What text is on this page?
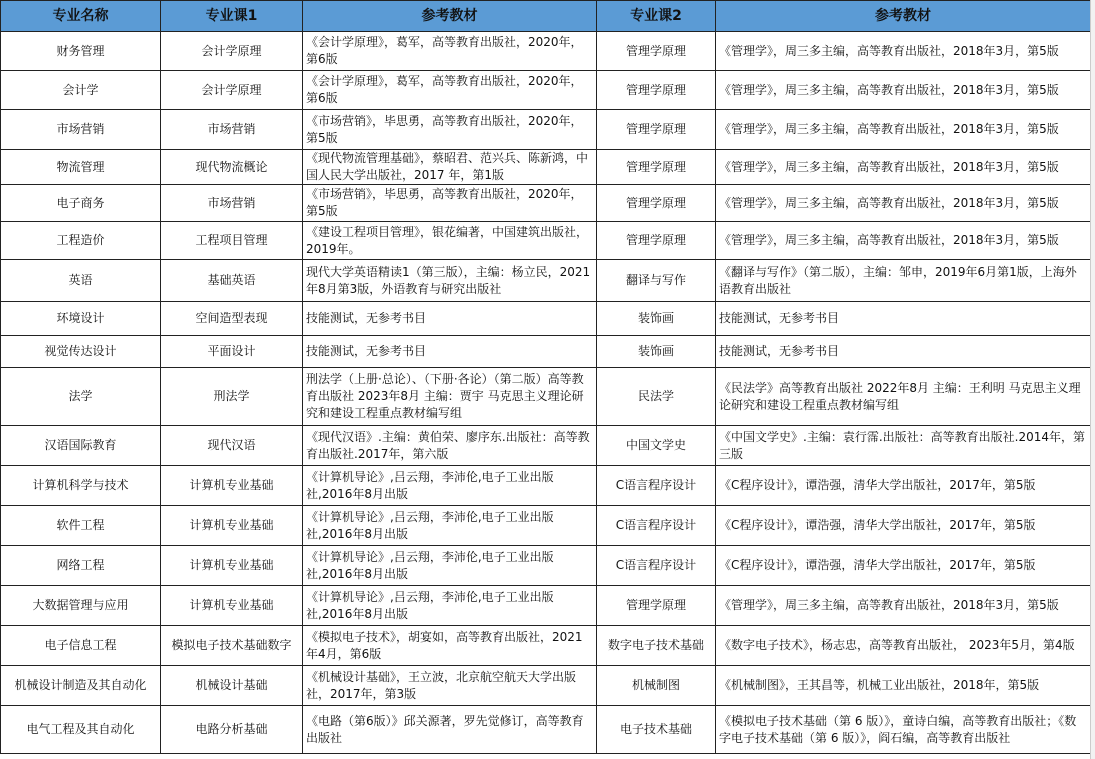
专业名称	专业课1	参考教材	专业课2	参考教材
财务管理	会计学原理	《会计学原理》，葛军，高等教育出版社，2020年，第6版	管理学原理	《管理学》，周三多主编，高等教育出版社，2018年3月，第5版
会计学	会计学原理	《会计学原理》，葛军，高等教育出版社，2020年，第6版	管理学原理	《管理学》，周三多主编，高等教育出版社，2018年3月，第5版
市场营销	市场营销	《市场营销》，毕思勇，高等教育出版社，2020年，第5版	管理学原理	《管理学》，周三多主编，高等教育出版社，2018年3月，第5版
物流管理	现代物流概论	《现代物流管理基础》，蔡昭君、范兴兵、陈新鸿，中国人民大学出版社，2017 年，第1版	管理学原理	《管理学》，周三多主编，高等教育出版社，2018年3月，第5版
电子商务	市场营销	《市场营销》，毕思勇，高等教育出版社，2020年，第5版	管理学原理	《管理学》，周三多主编，高等教育出版社，2018年3月，第5版
工程造价	工程项目管理	《建设工程项目管理》，银花编著，中国建筑出版社，2019年。	管理学原理	《管理学》，周三多主编，高等教育出版社，2018年3月，第5版
英语	基础英语	现代大学英语精读1（第三版），主编：杨立民，2021年8月第3版，外语教育与研究出版社	翻译与写作	《翻译与写作》（第二版），主编：邹申，2019年6月第1版，上海外语教育出版社
环境设计	空间造型表现	技能测试，无参考书目	装饰画	技能测试，无参考书目
视觉传达设计	平面设计	技能测试，无参考书目	装饰画	技能测试，无参考书目
法学	刑法学	刑法学（上册·总论）、（下册·各论）（第二版）高等教育出版社 2023年8月 主编：贾宇 马克思主义理论研究和建设工程重点教材编写组	民法学	《民法学》高等教育出版社 2022年8月 主编：王利明 马克思主义理论研究和建设工程重点教材编写组
汉语国际教育	现代汉语	《现代汉语》.主编：黄伯荣、廖序东.出版社：高等教育出版社.2017年，第六版	中国文学史	《中国文学史》.主编：袁行霈.出版社：高等教育出版社.2014年，第三版
计算机科学与技术	计算机专业基础	《计算机导论》,吕云翔，李沛伦,电子工业出版社,2016年8月出版	C语言程序设计	《C程序设计》，谭浩强，清华大学出版社，2017年，第5版
软件工程	计算机专业基础	《计算机导论》,吕云翔，李沛伦,电子工业出版社,2016年8月出版	C语言程序设计	《C程序设计》，谭浩强，清华大学出版社，2017年，第5版
网络工程	计算机专业基础	《计算机导论》,吕云翔，李沛伦,电子工业出版社,2016年8月出版	C语言程序设计	《C程序设计》，谭浩强，清华大学出版社，2017年，第5版
大数据管理与应用	计算机专业基础	《计算机导论》,吕云翔，李沛伦,电子工业出版社,2016年8月出版	管理学原理	《管理学》，周三多主编，高等教育出版社，2018年3月，第5版
电子信息工程	模拟电子技术基础数字	《模拟电子技术》，胡宴如，高等教育出版社，2021年4月，第6版	数字电子技术基础	《数字电子技术》，杨志忠，高等教育出版社， 2023年5月，第4版
机械设计制造及其自动化	机械设计基础	《机械设计基础》，王立波，北京航空航天大学出版社，2017年，第3版	机械制图	《机械制图》，王其昌等，机械工业出版社，2018年，第5版
电气工程及其自动化	电路分析基础	《电路（第6版）》邱关源著，罗先觉修订，高等教育出版社	电子技术基础	《模拟电子技术基础（第 6 版）》，童诗白编，高等教育出版社；《数字电子技术基础（第 6 版）》，阎石编，高等教育出版社
